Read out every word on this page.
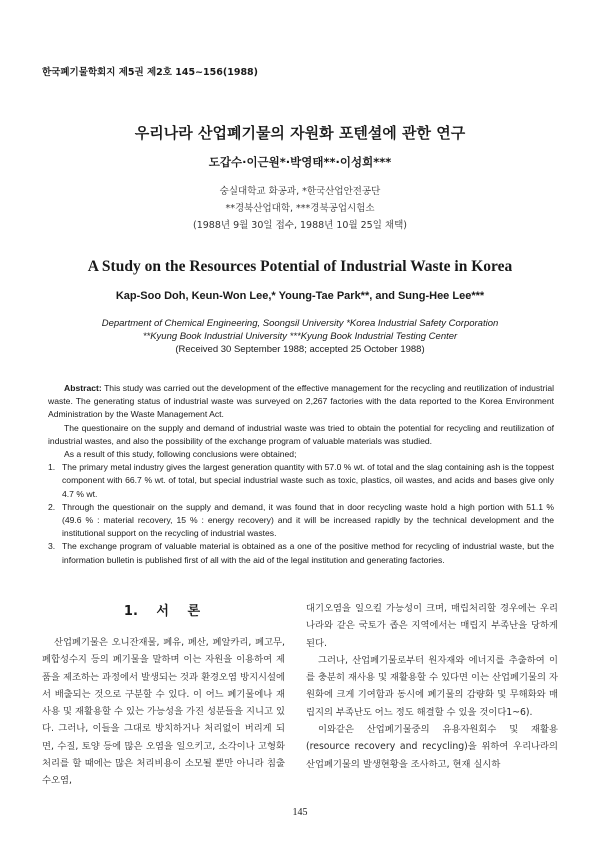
한국폐기물학회지 제5권 제2호 145~156(1988)
우리나라 산업폐기물의 자원화 포텐셜에 관한 연구
도갑수·이근원*·박영태**·이성희***
숭실대학교 화공과, *한국산업안전공단
**경북산업대학, ***경북공업시험소
(1988년 9월 30일 접수, 1988년 10월 25일 채택)
A Study on the Resources Potential of Industrial Waste in Korea
Kap-Soo Doh, Keun-Won Lee,* Young-Tae Park**, and Sung-Hee Lee***
Department of Chemical Engineering, Soongsil University *Korea Industrial Safety Corporation
**Kyung Book Industrial University ***Kyung Book Industrial Testing Center
(Received 30 September 1988; accepted 25 October 1988)

Abstract: This study was carried out the development of the effective management for the recycling and reutilization of industrial waste. The generating status of industrial waste was surveyed on 2,267 factories with the data reported to the Korea Environment Administration by the Waste Management Act.

The questionaire on the supply and demand of industrial waste was tried to obtain the potential for recycling and reutilization of industrial wastes, and also the possibility of the exchange program of valuable materials was studied.

As a result of this study, following conclusions were obtained;

1. The primary metal industry gives the largest generation quantity with 57.0 % wt. of total and the slag containing ash is the toppest component with 66.7 % wt. of total, but special industrial waste such as toxic, plastics, oil wastes, and acids and bases give only 4.7 % wt.
2. Through the questionair on the supply and demand, it was found that in door recycling waste hold a high portion with 51.1 % (49.6 % : material recovery, 15 % : energy recovery) and it will be increased rapidly by the technical development and the institutional support on the recycling of industrial wastes.
3. The exchange program of valuable material is obtained as a one of the positive method for recycling of industrial waste, but the information bulletin is published first of all with the aid of the legal institution and generating factories.
1. 서 론

산업폐기물은 오니잔재물, 폐유, 폐산, 폐알카리, 폐고무, 폐합성수지 등의 폐기물을 말하며 이는 자원을 이용하여 제품을 제조하는 과정에서 발생되는 것과 환경오염 방지시설에서 배출되는 것으로 구분할 수 있다. 이 어느 폐기물에나 재사용 및 재활용할 수 있는 가능성을 가진 성분들을 지니고 있다. 그러나, 이들을 그대로 방치하거나 처리없이 버리게 되면, 수질, 토양 등에 많은 오염을 일으키고, 소각이나 고형화 처리를 할 때에는 많은 처리비용이 소모될 뿐만 아니라 침출수오염,

대기오염을 일으킬 가능성이 크며, 매립처리할 경우에는 우리나라와 같은 국토가 좁은 지역에서는 매립지 부족난을 당하게 된다.

그러나, 산업폐기물로부터 원자재와 에너지를 추출하여 이를 충분히 재사용 및 재활용할 수 있다면 이는 산업폐기물의 자원화에 크게 기여함과 동시에 폐기물의 감량화 및 무해화와 매립지의 부족난도 어느 정도 해결할 수 있을 것이다1~6).

이와같은 산업폐기물중의 유용자원회수 및 재활용(resource recovery and recycling)을 위하여 우리나라의 산업폐기물의 발생현황을 조사하고, 현재 실시하

145
